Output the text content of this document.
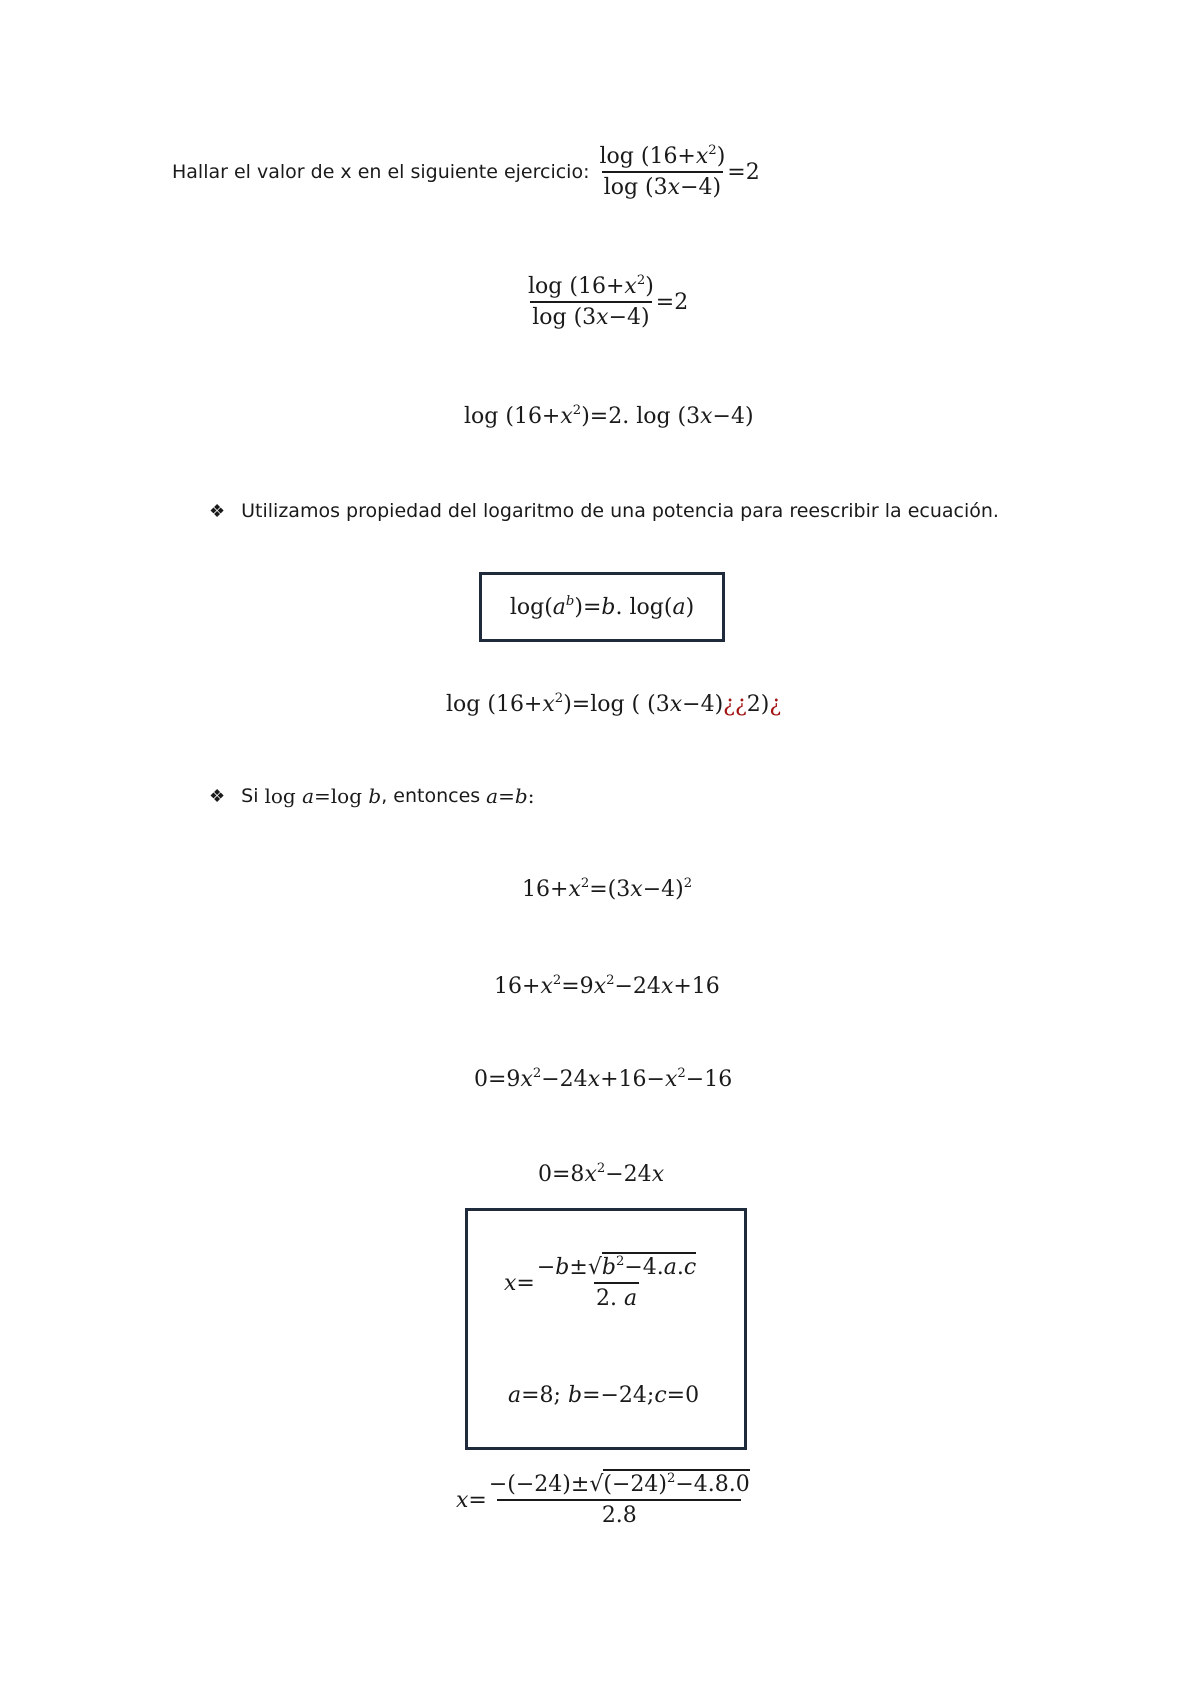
Hallar el valor de x en el siguiente ejercicio: $\frac{\log (16+x^2)}{\log (3x-4)} =2$
$\frac{\log (16+x^2)}{\log (3x-4)} =2$
$\log (16+x^2)=2$. log (3x−4)
❖ Utilizamos propiedad del logaritmo de una potencia para reescribir la ecuación.
$\log(a^b)=b$. log(a)
$\log (16+x^2)=\log$ ( (3x−4)¿¿2)¿
❖ Si log a=log b , entonces a=b:
$16+x^2=(3x-4)^2$
$16+x^2=9x^2-24x+16$
$0=9x^2-24x+16-x^2-16$
$0=8x^2-24x$
$x = \frac{-b\pm√b^2-4.a.c}{2. a}$
a=8; b=−24;c=0
$x = \frac{-(-24)\pm√(-24)^2-4.8.0}{2.8}$
